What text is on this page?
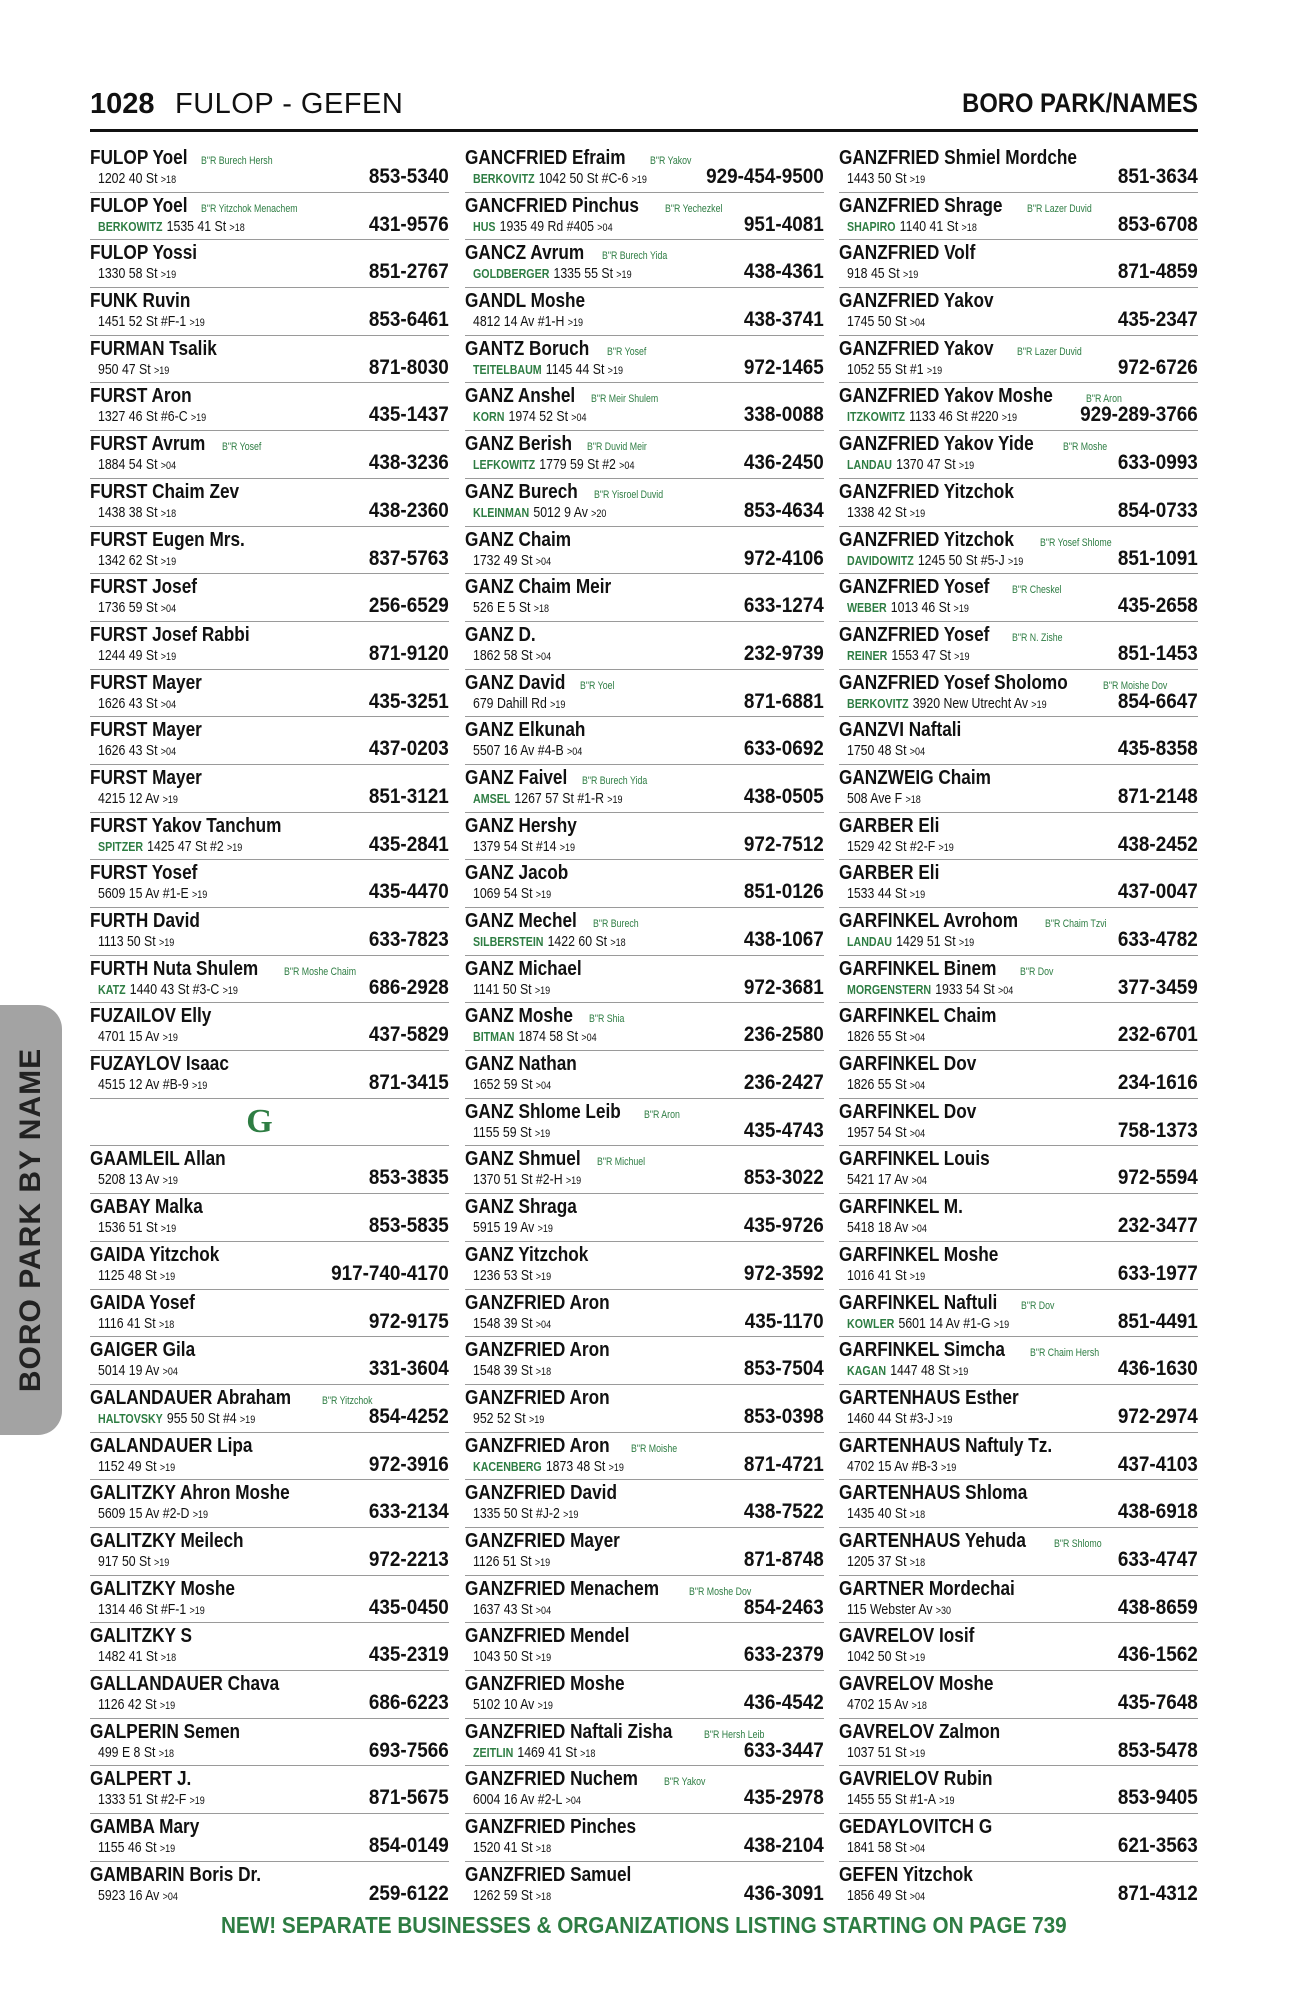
1028 FULOP - GEFEN	BORO PARK/NAMES
BORO PARK BY NAME
FULOP Yoel B"R Burech Hersh
1202 40 St >18	853-5340
FULOP Yoel B"R Yitzchok Menachem
BERKOWITZ 1535 41 St >18	431-9576
FULOP Yossi
1330 58 St >19	851-2767
FUNK Ruvin
1451 52 St #F-1 >19	853-6461
FURMAN Tsalik
950 47 St >19	871-8030
FURST Aron
1327 46 St #6-C >19	435-1437
FURST Avrum B"R Yosef
1884 54 St >04	438-3236
FURST Chaim Zev
1438 38 St >18	438-2360
FURST Eugen Mrs.
1342 62 St >19	837-5763
FURST Josef
1736 59 St >04	256-6529
FURST Josef Rabbi
1244 49 St >19	871-9120
FURST Mayer
1626 43 St >04	435-3251
FURST Mayer
1626 43 St >04	437-0203
FURST Mayer
4215 12 Av >19	851-3121
FURST Yakov Tanchum
SPITZER 1425 47 St #2 >19	435-2841
FURST Yosef
5609 15 Av #1-E >19	435-4470
FURTH David
1113 50 St >19	633-7823
FURTH Nuta Shulem B"R Moshe Chaim
KATZ 1440 43 St #3-C >19	686-2928
FUZAILOV Elly
4701 15 Av >19	437-5829
FUZAYLOV Isaac
4515 12 Av #B-9 >19	871-3415
G
GAAMLEIL Allan
5208 13 Av >19	853-3835
GABAY Malka
1536 51 St >19	853-5835
GAIDA Yitzchok
1125 48 St >19	917-740-4170
GAIDA Yosef
1116 41 St >18	972-9175
GAIGER Gila
5014 19 Av >04	331-3604
GALANDAUER Abraham	B"R Yitzchok
HALTOVSKY 955 50 St #4 >19	854-4252
GALANDAUER Lipa
1152 49 St >19	972-3916
GALITZKY Ahron Moshe
5609 15 Av #2-D >19	633-2134
GALITZKY Meilech
917 50 St >19	972-2213
GALITZKY Moshe
1314 46 St #F-1 >19	435-0450
GALITZKY S
1482 41 St >18	435-2319
GALLANDAUER Chava
1126 42 St >19	686-6223
GALPERIN Semen
499 E 8 St >18	693-7566
GALPERT J.
1333 51 St #2-F >19	871-5675
GAMBA Mary
1155 46 St >19	854-0149
GAMBARIN Boris Dr.
5923 16 Av >04	259-6122
GANCFRIED Efraim B"R Yakov
BERKOVITZ 1042 50 St #C-6 >19	929-454-9500
GANCFRIED Pinchus B"R Yechezkel
HUS 1935 49 Rd #405 >04	951-4081
GANCZ Avrum B"R Burech Yida
GOLDBERGER 1335 55 St >19	438-4361
GANDL Moshe
4812 14 Av #1-H >19	438-3741
GANTZ Boruch B"R Yosef
TEITELBAUM 1145 44 St >19	972-1465
GANZ Anshel B"R Meir Shulem
KORN 1974 52 St >04	338-0088
GANZ Berish B"R Duvid Meir
LEFKOWITZ 1779 59 St #2 >04	436-2450
GANZ Burech B"R Yisroel Duvid
KLEINMAN 5012 9 Av >20	853-4634
GANZ Chaim
1732 49 St >04	972-4106
GANZ Chaim Meir
526 E 5 St >18	633-1274
GANZ D.
1862 58 St >04	232-9739
GANZ David B"R Yoel
679 Dahill Rd >19	871-6881
GANZ Elkunah
5507 16 Av #4-B >04	633-0692
GANZ Faivel B"R Burech Yida
AMSEL 1267 57 St #1-R >19	438-0505
GANZ Hershy
1379 54 St #14 >19	972-7512
GANZ Jacob
1069 54 St >19	851-0126
GANZ Mechel B"R Burech
SILBERSTEIN 1422 60 St >18	438-1067
GANZ Michael
1141 50 St >19	972-3681
GANZ Moshe B"R Shia
BITMAN 1874 58 St >04	236-2580
GANZ Nathan
1652 59 St >04	236-2427
GANZ Shlome Leib B"R Aron
1155 59 St >19	435-4743
GANZ Shmuel B"R Michuel
1370 51 St #2-H >19	853-3022
GANZ Shraga
5915 19 Av >19	435-9726
GANZ Yitzchok
1236 53 St >19	972-3592
GANZFRIED Aron
1548 39 St >04	435-1170
GANZFRIED Aron
1548 39 St >18	853-7504
GANZFRIED Aron
952 52 St >19	853-0398
GANZFRIED Aron B"R Moishe
KACENBERG 1873 48 St >19	871-4721
GANZFRIED David
1335 50 St #J-2 >19	438-7522
GANZFRIED Mayer
1126 51 St >19	871-8748
GANZFRIED Menachem	B"R Moshe Dov
1637 43 St >04	854-2463
GANZFRIED Mendel
1043 50 St >19	633-2379
GANZFRIED Moshe
5102 10 Av >19	436-4542
GANZFRIED Naftali Zisha	B"R Hersh Leib
ZEITLIN 1469 41 St >18	633-3447
GANZFRIED Nuchem B"R Yakov
6004 16 Av #2-L >04	435-2978
GANZFRIED Pinches
1520 41 St >18	438-2104
GANZFRIED Samuel
1262 59 St >18	436-3091
GANZFRIED Shmiel Mordche
1443 50 St >19	851-3634
GANZFRIED Shrage B"R Lazer Duvid
SHAPIRO 1140 41 St >18	853-6708
GANZFRIED Volf
918 45 St >19	871-4859
GANZFRIED Yakov
1745 50 St >04	435-2347
GANZFRIED Yakov B"R Lazer Duvid
1052 55 St #1 >19	972-6726
GANZFRIED Yakov Moshe	B"R Aron
ITZKOWITZ 1133 46 St #220 >19	929-289-3766
GANZFRIED Yakov Yide	B"R Moshe
LANDAU 1370 47 St >19	633-0993
GANZFRIED Yitzchok
1338 42 St >19	854-0733
GANZFRIED Yitzchok B"R Yosef Shlome
DAVIDOWITZ 1245 50 St #5-J >19	851-1091
GANZFRIED Yosef B"R Cheskel
WEBER 1013 46 St >19	435-2658
GANZFRIED Yosef B"R N. Zishe
REINER 1553 47 St >19	851-1453
GANZFRIED Yosef Sholomo	B"R Moishe Dov
BERKOVITZ 3920 New Utrecht Av >19	854-6647
GANZVI Naftali
1750 48 St >04	435-8358
GANZWEIG Chaim
508 Ave F >18	871-2148
GARBER Eli
1529 42 St #2-F >19	438-2452
GARBER Eli
1533 44 St >19	437-0047
GARFINKEL Avrohom B"R Chaim Tzvi
LANDAU 1429 51 St >19	633-4782
GARFINKEL Binem B"R Dov
MORGENSTERN 1933 54 St >04	377-3459
GARFINKEL Chaim
1826 55 St >04	232-6701
GARFINKEL Dov
1826 55 St >04	234-1616
GARFINKEL Dov
1957 54 St >04	758-1373
GARFINKEL Louis
5421 17 Av >04	972-5594
GARFINKEL M.
5418 18 Av >04	232-3477
GARFINKEL Moshe
1016 41 St >19	633-1977
GARFINKEL Naftuli B"R Dov
KOWLER 5601 14 Av #1-G >19	851-4491
GARFINKEL Simcha B"R Chaim Hersh
KAGAN 1447 48 St >19	436-1630
GARTENHAUS Esther
1460 44 St #3-J >19	972-2974
GARTENHAUS Naftuly Tz.
4702 15 Av #B-3 >19	437-4103
GARTENHAUS Shloma
1435 40 St >18	438-6918
GARTENHAUS Yehuda	B"R Shlomo
1205 37 St >18	633-4747
GARTNER Mordechai
115 Webster Av >30	438-8659
GAVRELOV Iosif
1042 50 St >19	436-1562
GAVRELOV Moshe
4702 15 Av >18	435-7648
GAVRELOV Zalmon
1037 51 St >19	853-5478
GAVRIELOV Rubin
1455 55 St #1-A >19	853-9405
GEDAYLOVITCH G
1841 58 St >04	621-3563
GEFEN Yitzchok
1856 49 St >04	871-4312
NEW! SEPARATE BUSINESSES & ORGANIZATIONS LISTING STARTING ON PAGE 739
